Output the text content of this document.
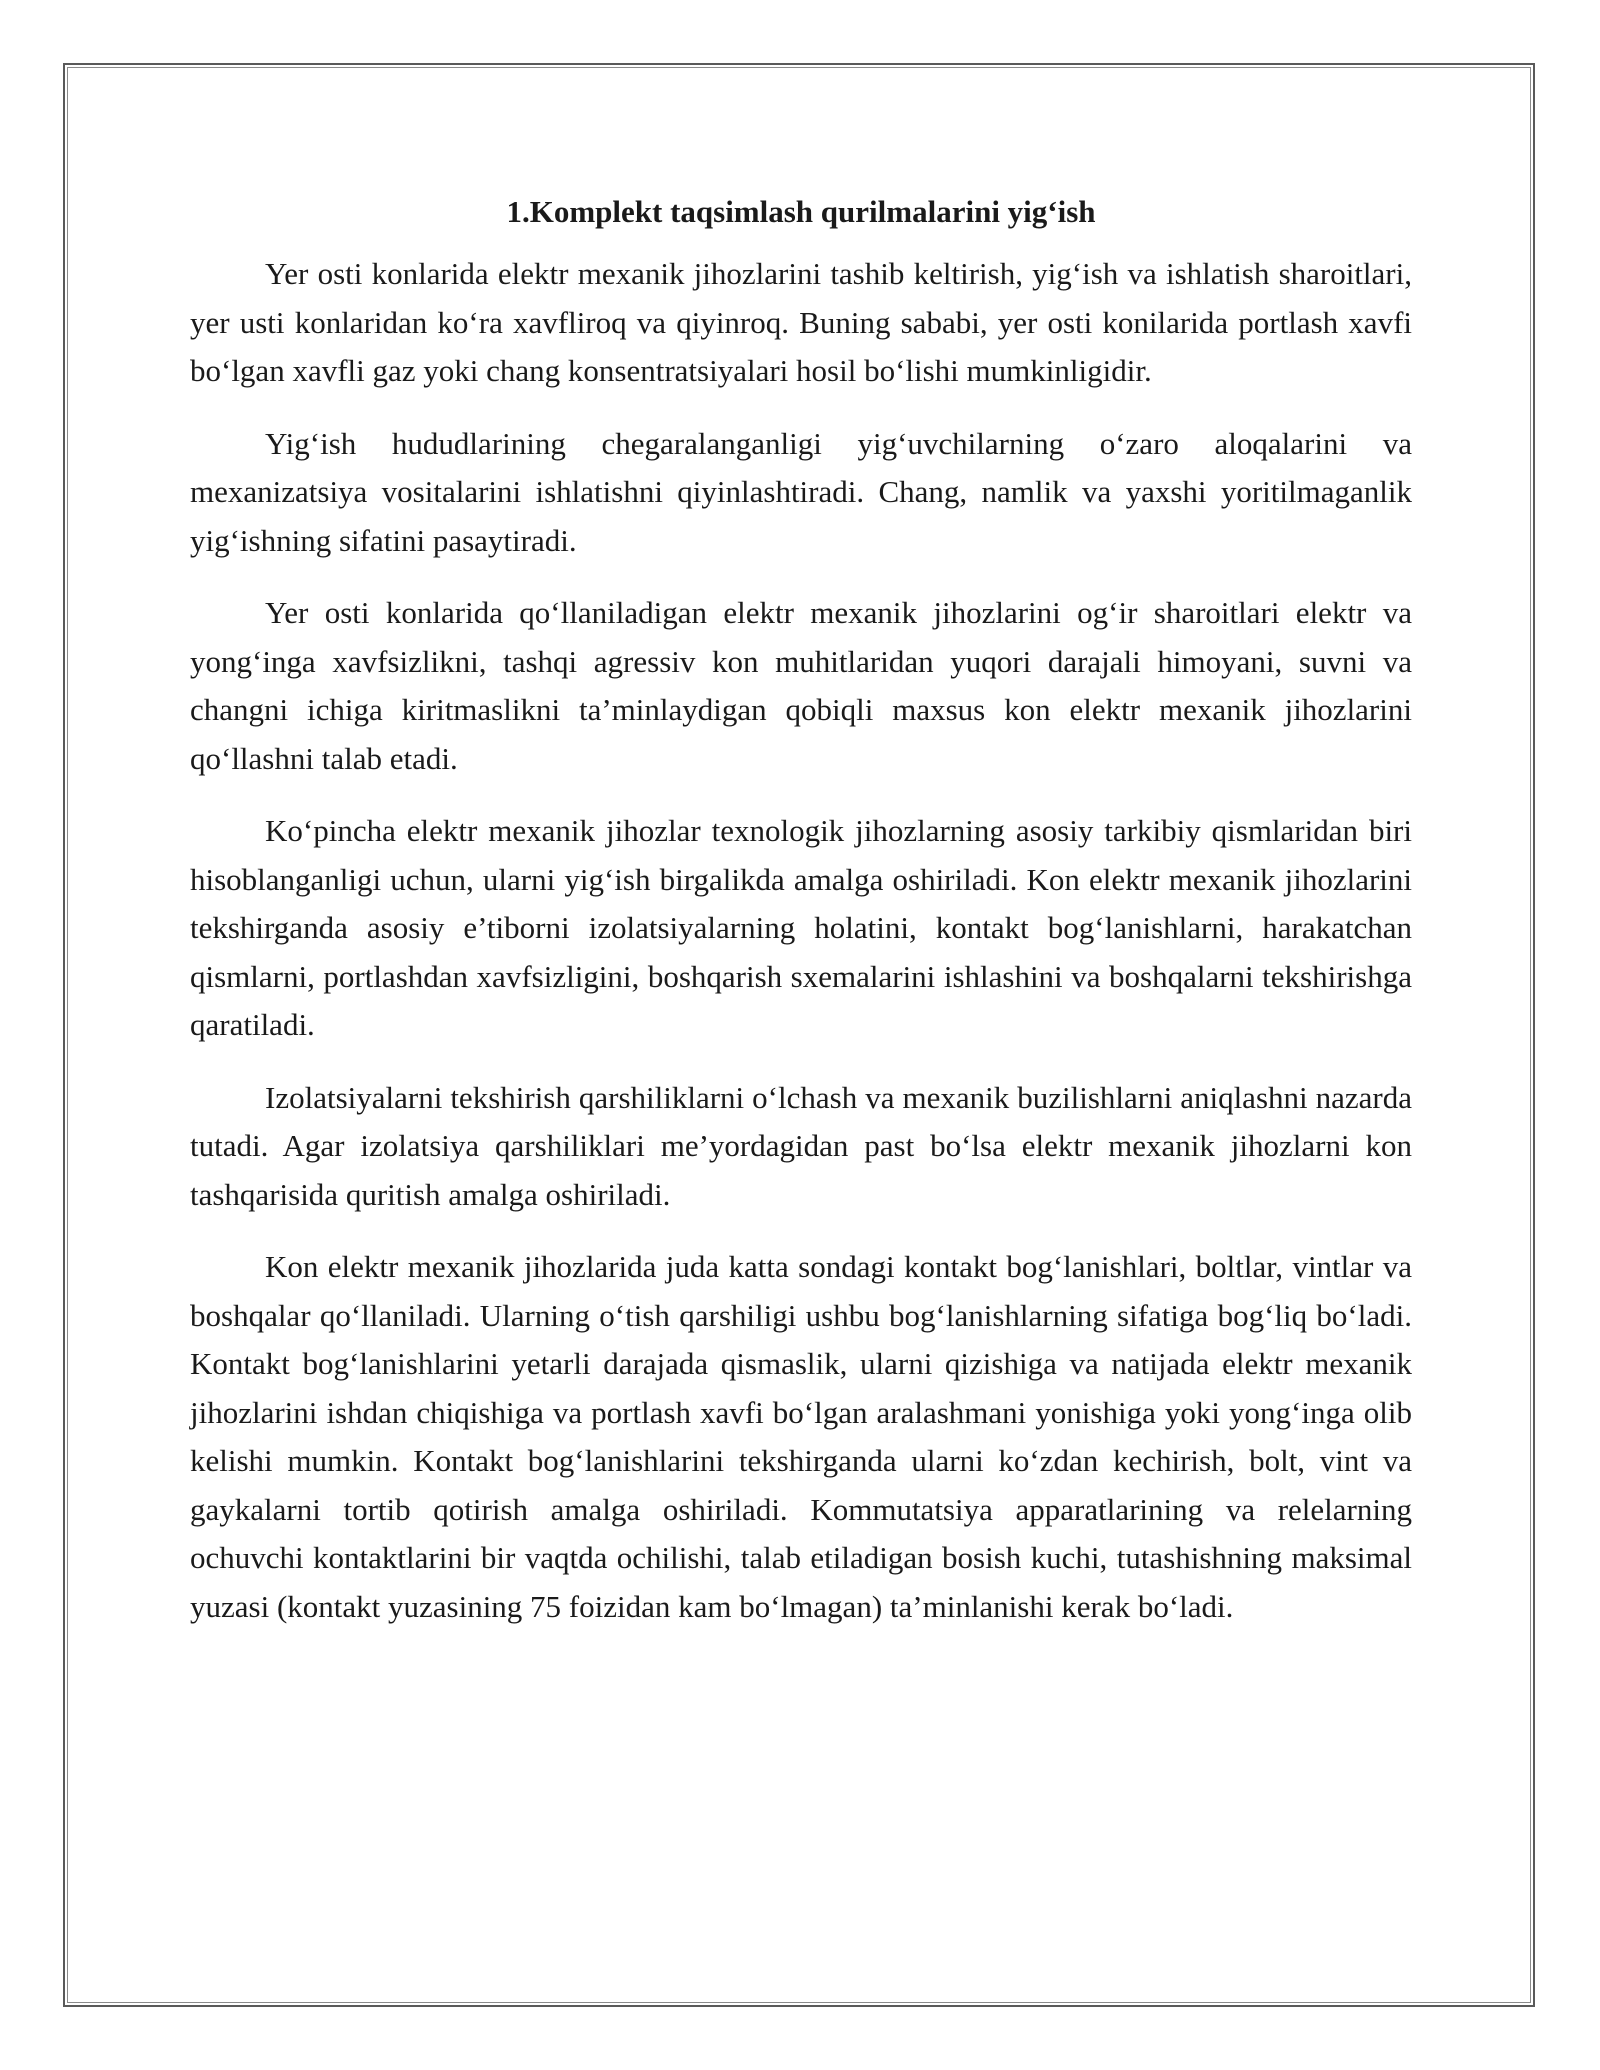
1.Komplekt taqsimlash qurilmalarini yig‘ish

Yer osti konlarida elektr mexanik jihozlarini tashib keltirish, yig‘ish va ishlatish sharoitlari, yer usti konlaridan ko‘ra xavfliroq va qiyinroq. Buning sababi, yer osti konilarida portlash xavfi bo‘lgan xavfli gaz yoki chang konsentratsiyalari hosil bo‘lishi mumkinligidir.

Yig‘ish hududlarining chegaralanganligi yig‘uvchilarning o‘zaro aloqalarini va mexanizatsiya vositalarini ishlatishni qiyinlashtiradi. Chang, namlik va yaxshi yoritilmaganlik yig‘ishning sifatini pasaytiradi.

Yer osti konlarida qo‘llaniladigan elektr mexanik jihozlarini og‘ir sharoitlari elektr va yong‘inga xavfsizlikni, tashqi agressiv kon muhitlaridan yuqori darajali himoyani, suvni va changni ichiga kiritmaslikni ta’minlaydigan qobiqli maxsus kon elektr mexanik jihozlarini qo‘llashni talab etadi.

Ko‘pincha elektr mexanik jihozlar texnologik jihozlarning asosiy tarkibiy qismlaridan biri hisoblanganligi uchun, ularni yig‘ish birgalikda amalga oshiriladi. Kon elektr mexanik jihozlarini tekshirganda asosiy e’tiborni izolatsiyalarning holatini, kontakt bog‘lanishlarni, harakatchan qismlarni, portlashdan xavfsizligini, boshqarish sxemalarini ishlashini va boshqalarni tekshirishga qaratiladi.

Izolatsiyalarni tekshirish qarshiliklarni o‘lchash va mexanik buzilishlarni aniqlashni nazarda tutadi. Agar izolatsiya qarshiliklari me’yordagidan past bo‘lsa elektr mexanik jihozlarni kon tashqarisida quritish amalga oshiriladi.

Kon elektr mexanik jihozlarida juda katta sondagi kontakt bog‘lanishlari, boltlar, vintlar va boshqalar qo‘llaniladi. Ularning o‘tish qarshiligi ushbu bog‘lanishlarning sifatiga bog‘liq bo‘ladi. Kontakt bog‘lanishlarini yetarli darajada qismaslik, ularni qizishiga va natijada elektr mexanik jihozlarini ishdan chiqishiga va portlash xavfi bo‘lgan aralashmani yonishiga yoki yong‘inga olib kelishi mumkin. Kontakt bog‘lanishlarini tekshirganda ularni ko‘zdan kechirish, bolt, vint va gaykalarni tortib qotirish amalga oshiriladi. Kommutatsiya apparatlarining va relelarning ochuvchi kontaktlarini bir vaqtda ochilishi, talab etiladigan bosish kuchi, tutashishning maksimal yuzasi (kontakt yuzasining 75 foizidan kam bo‘lmagan) ta’minlanishi kerak bo‘ladi.
